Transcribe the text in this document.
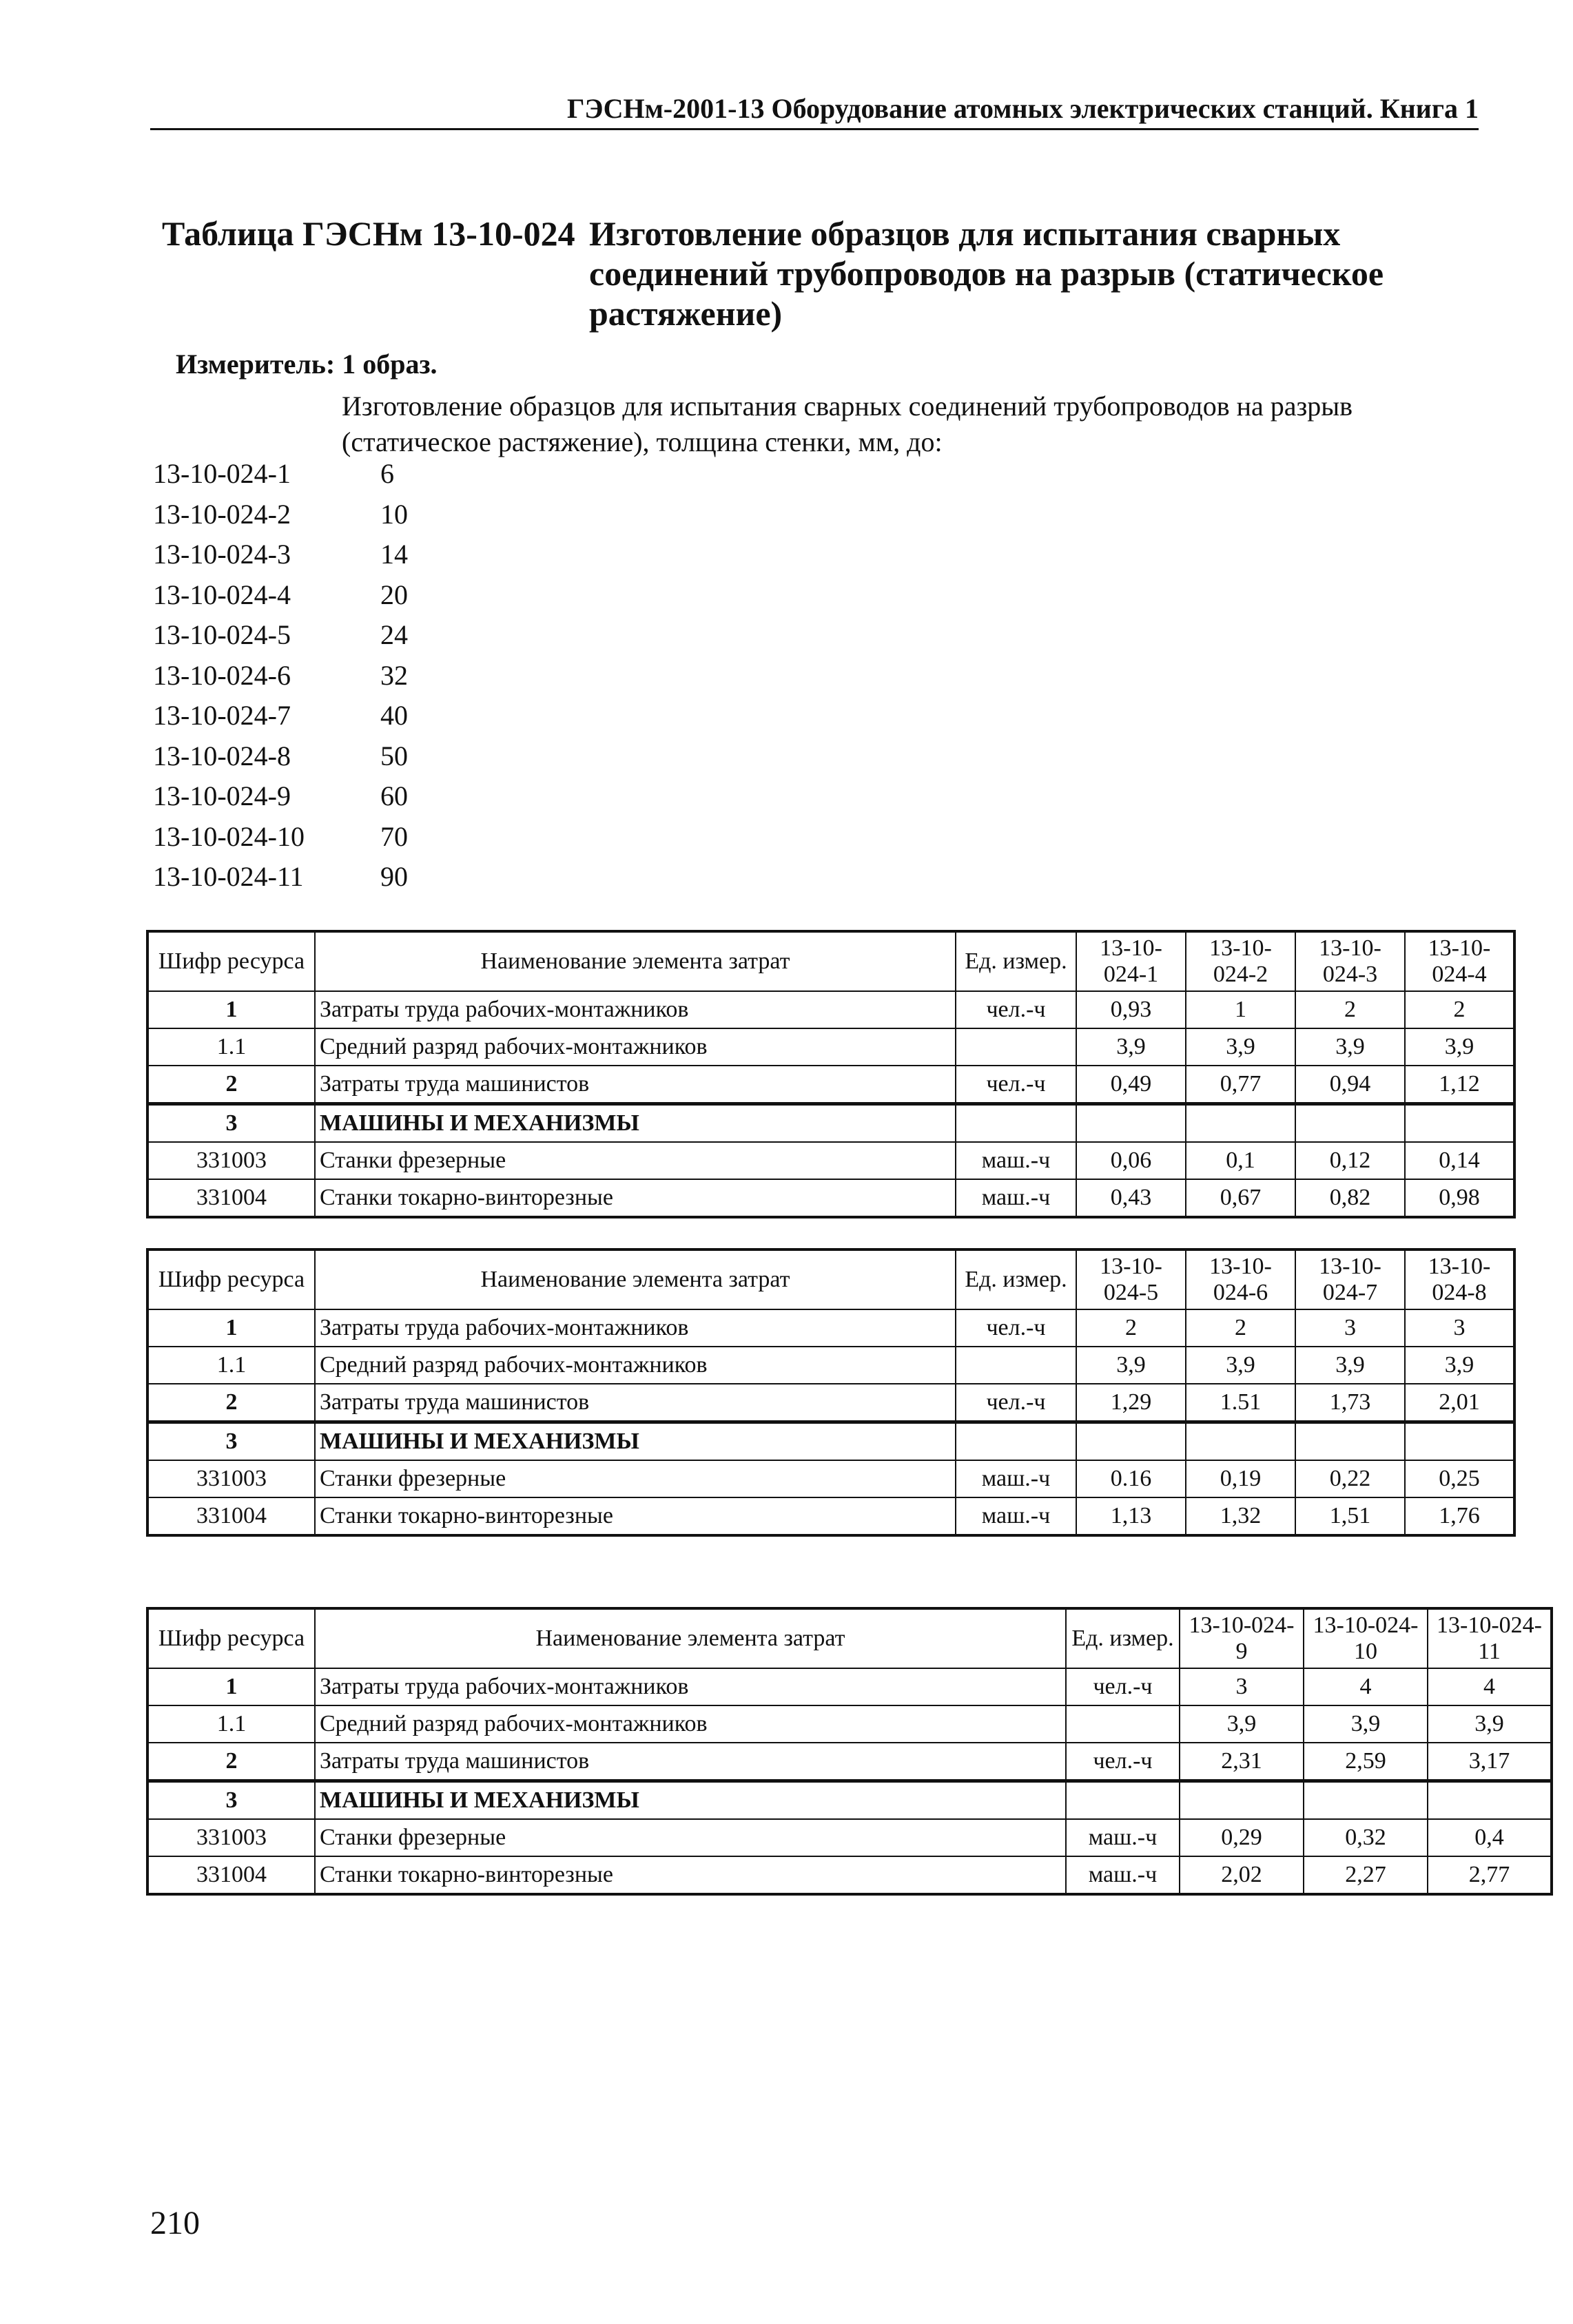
ГЭСНм-2001-13 Оборудование атомных электрических станций. Книга 1
Таблица ГЭСНм 13-10-024 Изготовление образцов для испытания сварных соединений трубопроводов на разрыв (статическое растяжение)
Измеритель: 1 образ.
Изготовление образцов для испытания сварных соединений трубопроводов на разрыв (статическое растяжение), толщина стенки, мм, до:
13-10-024-1	6
13-10-024-2	10
13-10-024-3	14
13-10-024-4	20
13-10-024-5	24
13-10-024-6	32
13-10-024-7	40
13-10-024-8	50
13-10-024-9	60
13-10-024-10	70
13-10-024-11	90
Шифр ресурса	Наименование элемента затрат	Ед. измер.	13-10-024-1	13-10-024-2	13-10-024-3	13-10-024-4
1	Затраты труда рабочих-монтажников	чел.-ч	0,93	1	2	2
1.1	Средний разряд рабочих-монтажников		3,9	3,9	3,9	3,9
2	Затраты труда машинистов	чел.-ч	0,49	0,77	0,94	1,12
3	МАШИНЫ И МЕХАНИЗМЫ					
331003	Станки фрезерные	маш.-ч	0,06	0,1	0,12	0,14
331004	Станки токарно-винторезные	маш.-ч	0,43	0,67	0,82	0,98
Шифр ресурса	Наименование элемента затрат	Ед. измер.	13-10-024-5	13-10-024-6	13-10-024-7	13-10-024-8
1	Затраты труда рабочих-монтажников	чел.-ч	2	2	3	3
1.1	Средний разряд рабочих-монтажников		3,9	3,9	3,9	3,9
2	Затраты труда машинистов	чел.-ч	1,29	1.51	1,73	2,01
3	МАШИНЫ И МЕХАНИЗМЫ					
331003	Станки фрезерные	маш.-ч	0.16	0,19	0,22	0,25
331004	Станки токарно-винторезные	маш.-ч	1,13	1,32	1,51	1,76
Шифр ресурса	Наименование элемента затрат	Ед. измер.	13-10-024-9	13-10-024-10	13-10-024-11
1	Затраты труда рабочих-монтажников	чел.-ч	3	4	4
1.1	Средний разряд рабочих-монтажников		3,9	3,9	3,9
2	Затраты труда машинистов	чел.-ч	2,31	2,59	3,17
3	МАШИНЫ И МЕХАНИЗМЫ				
331003	Станки фрезерные	маш.-ч	0,29	0,32	0,4
331004	Станки токарно-винторезные	маш.-ч	2,02	2,27	2,77
210
